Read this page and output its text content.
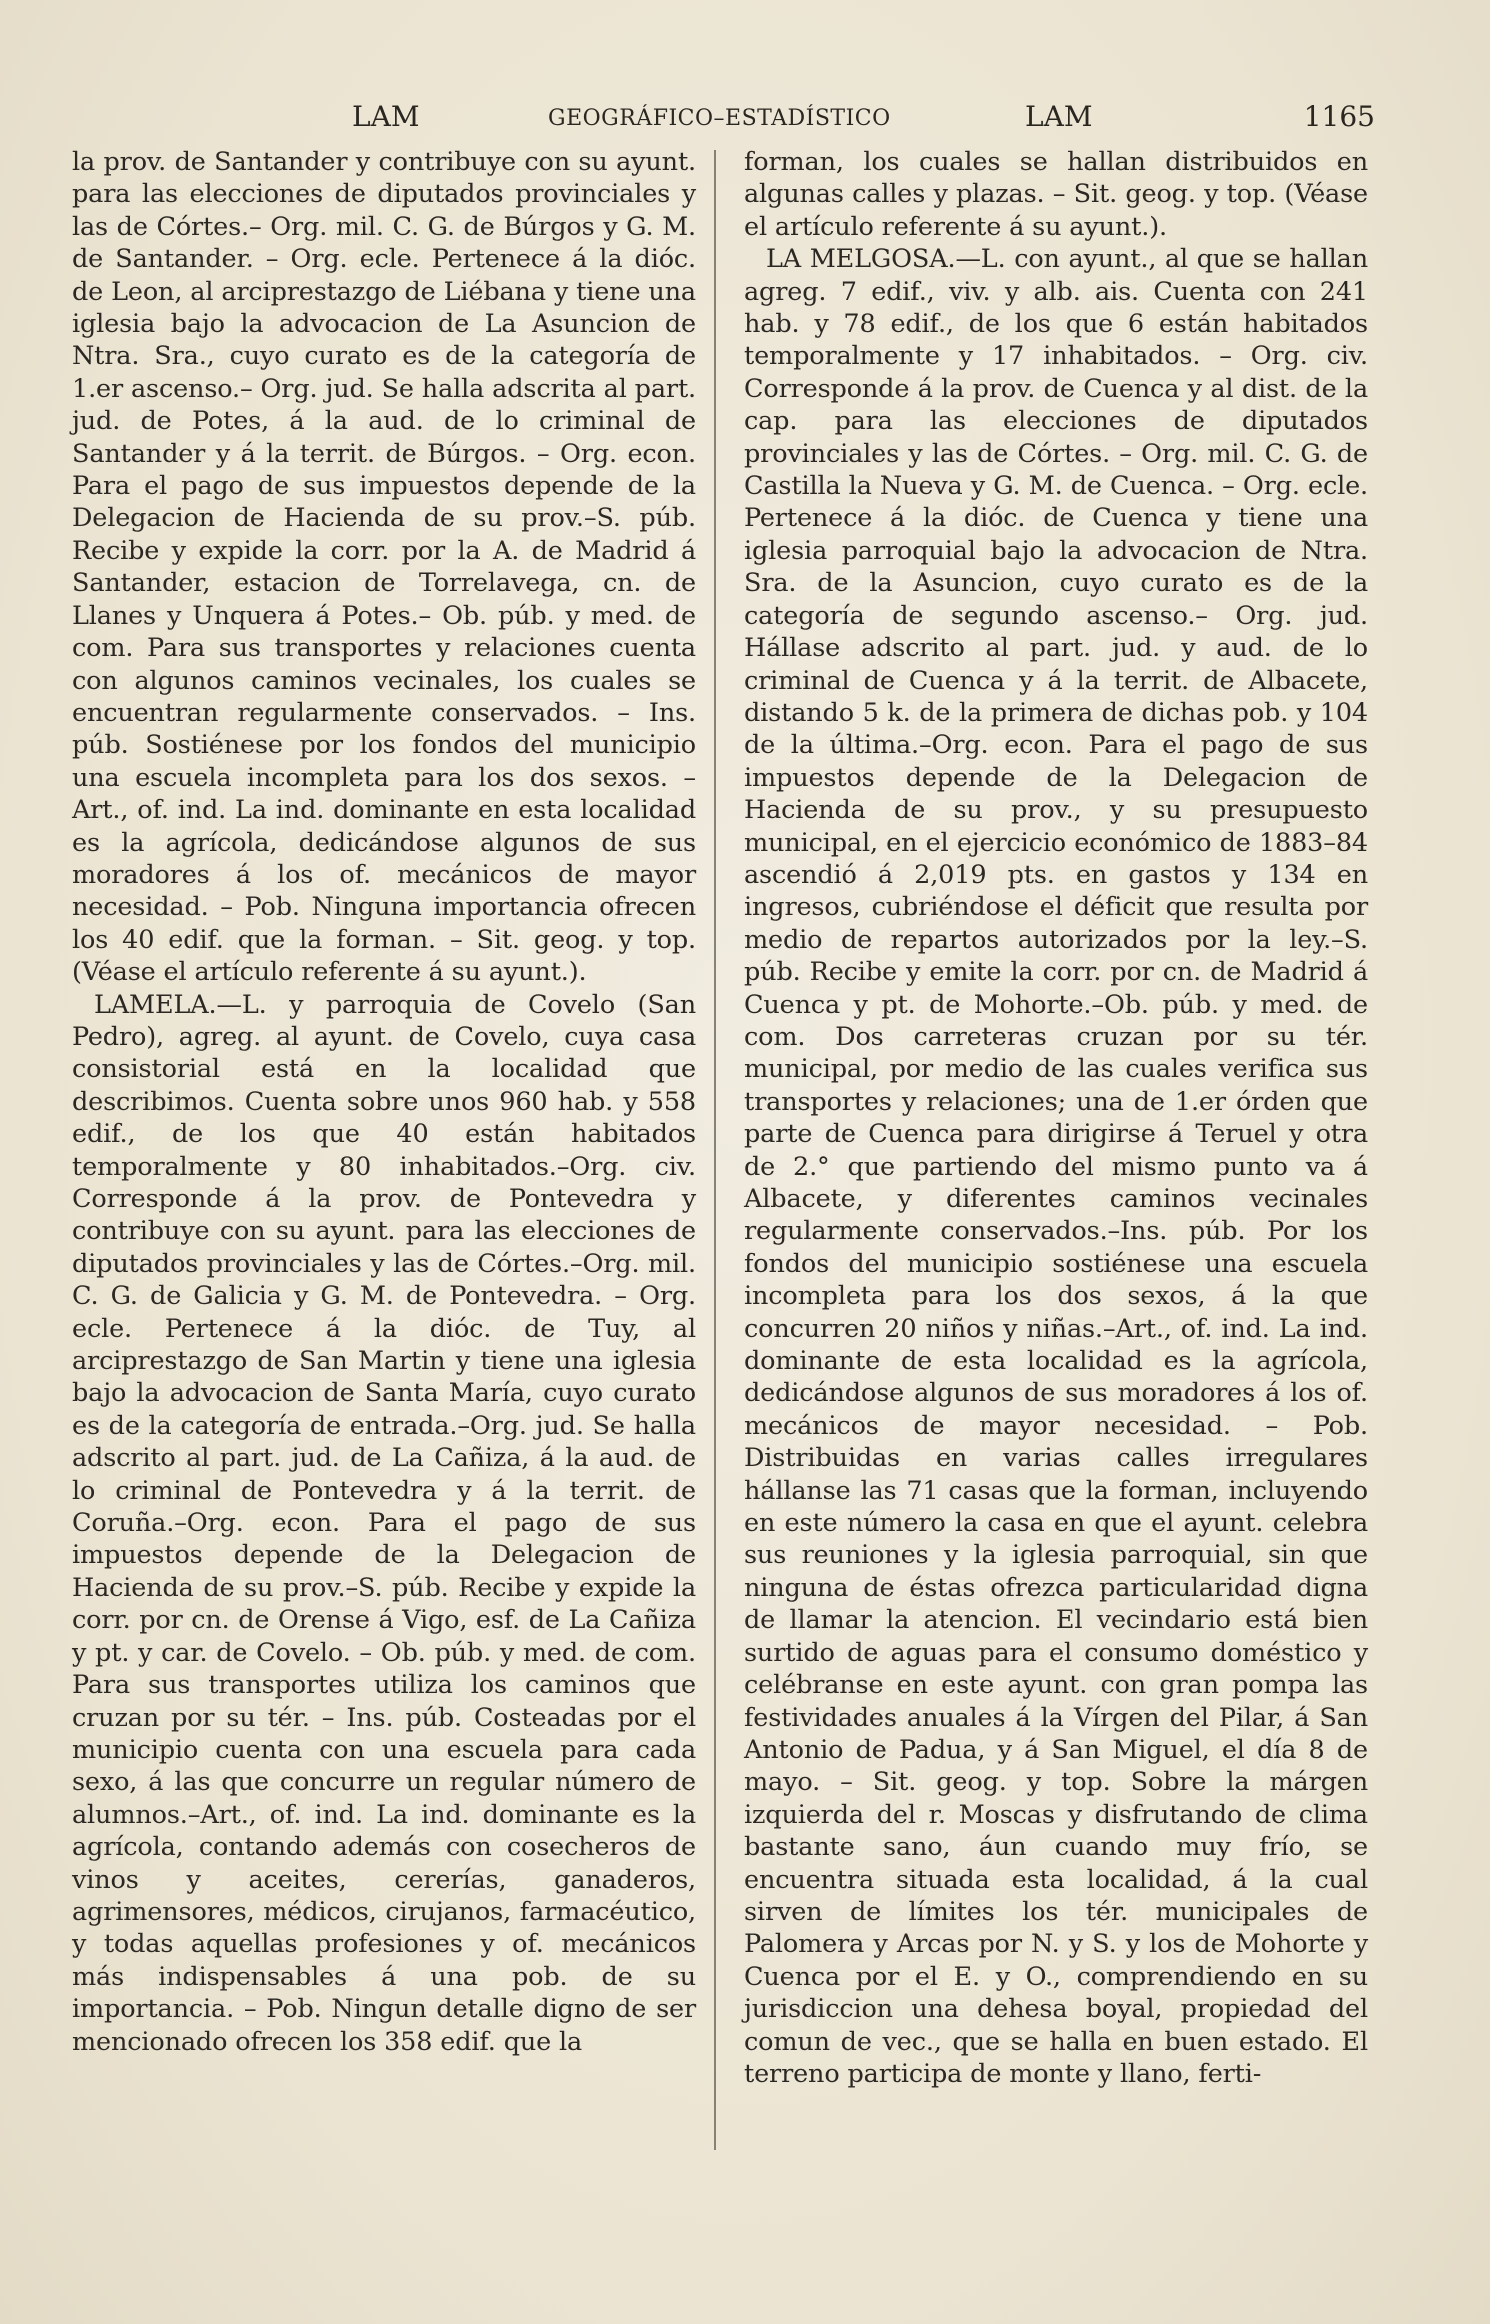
LAM	GEOGRÁFICO–ESTADÍSTICO	LAM	1165

la prov. de Santander y contribuye con su ayunt. para las elecciones de diputados provinciales y las de Córtes.– Org. mil. C. G. de Búrgos y G. M. de Santander. – Org. ecle. Pertenece á la dióc. de Leon, al arciprestazgo de Liébana y tiene una iglesia bajo la advocacion de La Asuncion de Ntra. Sra., cuyo curato es de la categoría de 1.er ascenso.– Org. jud. Se halla adscrita al part. jud. de Potes, á la aud. de lo criminal de Santander y á la territ. de Búrgos. – Org. econ. Para el pago de sus impuestos depende de la Delegacion de Hacienda de su prov.–S. púb. Recibe y expide la corr. por la A. de Madrid á Santander, estacion de Torrelavega, cn. de Llanes y Unquera á Potes.– Ob. púb. y med. de com. Para sus transportes y relaciones cuenta con algunos caminos vecinales, los cuales se encuentran regularmente conservados. – Ins. púb. Sostiénese por los fondos del municipio una escuela incompleta para los dos sexos. – Art., of. ind. La ind. dominante en esta localidad es la agrícola, dedicándose algunos de sus moradores á los of. mecánicos de mayor necesidad. – Pob. Ninguna importancia ofrecen los 40 edif. que la forman. – Sit. geog. y top. (Véase el artículo referente á su ayunt.).

LAMELA.—L. y parroquia de Covelo (San Pedro), agreg. al ayunt. de Covelo, cuya casa consistorial está en la localidad que describimos. Cuenta sobre unos 960 hab. y 558 edif., de los que 40 están habitados temporalmente y 80 inhabitados.–Org. civ. Corresponde á la prov. de Pontevedra y contribuye con su ayunt. para las elecciones de diputados provinciales y las de Córtes.–Org. mil. C. G. de Galicia y G. M. de Pontevedra. – Org. ecle. Pertenece á la dióc. de Tuy, al arciprestazgo de San Martin y tiene una iglesia bajo la advocacion de Santa María, cuyo curato es de la categoría de entrada.–Org. jud. Se halla adscrito al part. jud. de La Cañiza, á la aud. de lo criminal de Pontevedra y á la territ. de Coruña.–Org. econ. Para el pago de sus impuestos depende de la Delegacion de Hacienda de su prov.–S. púb. Recibe y expide la corr. por cn. de Orense á Vigo, esf. de La Cañiza y pt. y car. de Covelo. – Ob. púb. y med. de com. Para sus transportes utiliza los caminos que cruzan por su tér. – Ins. púb. Costeadas por el municipio cuenta con una escuela para cada sexo, á las que concurre un regular número de alumnos.–Art., of. ind. La ind. dominante es la agrícola, contando además con cosecheros de vinos y aceites, cererías, ganaderos, agrimensores, médicos, cirujanos, farmacéutico, y todas aquellas profesiones y of. mecánicos más indispensables á una pob. de su importancia. – Pob. Ningun detalle digno de ser mencionado ofrecen los 358 edif. que la

forman, los cuales se hallan distribuidos en algunas calles y plazas. – Sit. geog. y top. (Véase el artículo referente á su ayunt.).

LA MELGOSA.—L. con ayunt., al que se hallan agreg. 7 edif., viv. y alb. ais. Cuenta con 241 hab. y 78 edif., de los que 6 están habitados temporalmente y 17 inhabitados. – Org. civ. Corresponde á la prov. de Cuenca y al dist. de la cap. para las elecciones de diputados provinciales y las de Córtes. – Org. mil. C. G. de Castilla la Nueva y G. M. de Cuenca. – Org. ecle. Pertenece á la dióc. de Cuenca y tiene una iglesia parroquial bajo la advocacion de Ntra. Sra. de la Asuncion, cuyo curato es de la categoría de segundo ascenso.– Org. jud. Hállase adscrito al part. jud. y aud. de lo criminal de Cuenca y á la territ. de Albacete, distando 5 k. de la primera de dichas pob. y 104 de la última.–Org. econ. Para el pago de sus impuestos depende de la Delegacion de Hacienda de su prov., y su presupuesto municipal, en el ejercicio económico de 1883–84 ascendió á 2,019 pts. en gastos y 134 en ingresos, cubriéndose el déficit que resulta por medio de repartos autorizados por la ley.–S. púb. Recibe y emite la corr. por cn. de Madrid á Cuenca y pt. de Mohorte.–Ob. púb. y med. de com. Dos carreteras cruzan por su tér. municipal, por medio de las cuales verifica sus transportes y relaciones; una de 1.er órden que parte de Cuenca para dirigirse á Teruel y otra de 2.° que partiendo del mismo punto va á Albacete, y diferentes caminos vecinales regularmente conservados.–Ins. púb. Por los fondos del municipio sostiénese una escuela incompleta para los dos sexos, á la que concurren 20 niños y niñas.–Art., of. ind. La ind. dominante de esta localidad es la agrícola, dedicándose algunos de sus moradores á los of. mecánicos de mayor necesidad. – Pob. Distribuidas en varias calles irregulares hállanse las 71 casas que la forman, incluyendo en este número la casa en que el ayunt. celebra sus reuniones y la iglesia parroquial, sin que ninguna de éstas ofrezca particularidad digna de llamar la atencion. El vecindario está bien surtido de aguas para el consumo doméstico y celébranse en este ayunt. con gran pompa las festividades anuales á la Vírgen del Pilar, á San Antonio de Padua, y á San Miguel, el día 8 de mayo. – Sit. geog. y top. Sobre la márgen izquierda del r. Moscas y disfrutando de clima bastante sano, áun cuando muy frío, se encuentra situada esta localidad, á la cual sirven de límites los tér. municipales de Palomera y Arcas por N. y S. y los de Mohorte y Cuenca por el E. y O., comprendiendo en su jurisdiccion una dehesa boyal, propiedad del comun de vec., que se halla en buen estado. El terreno participa de monte y llano, ferti-
